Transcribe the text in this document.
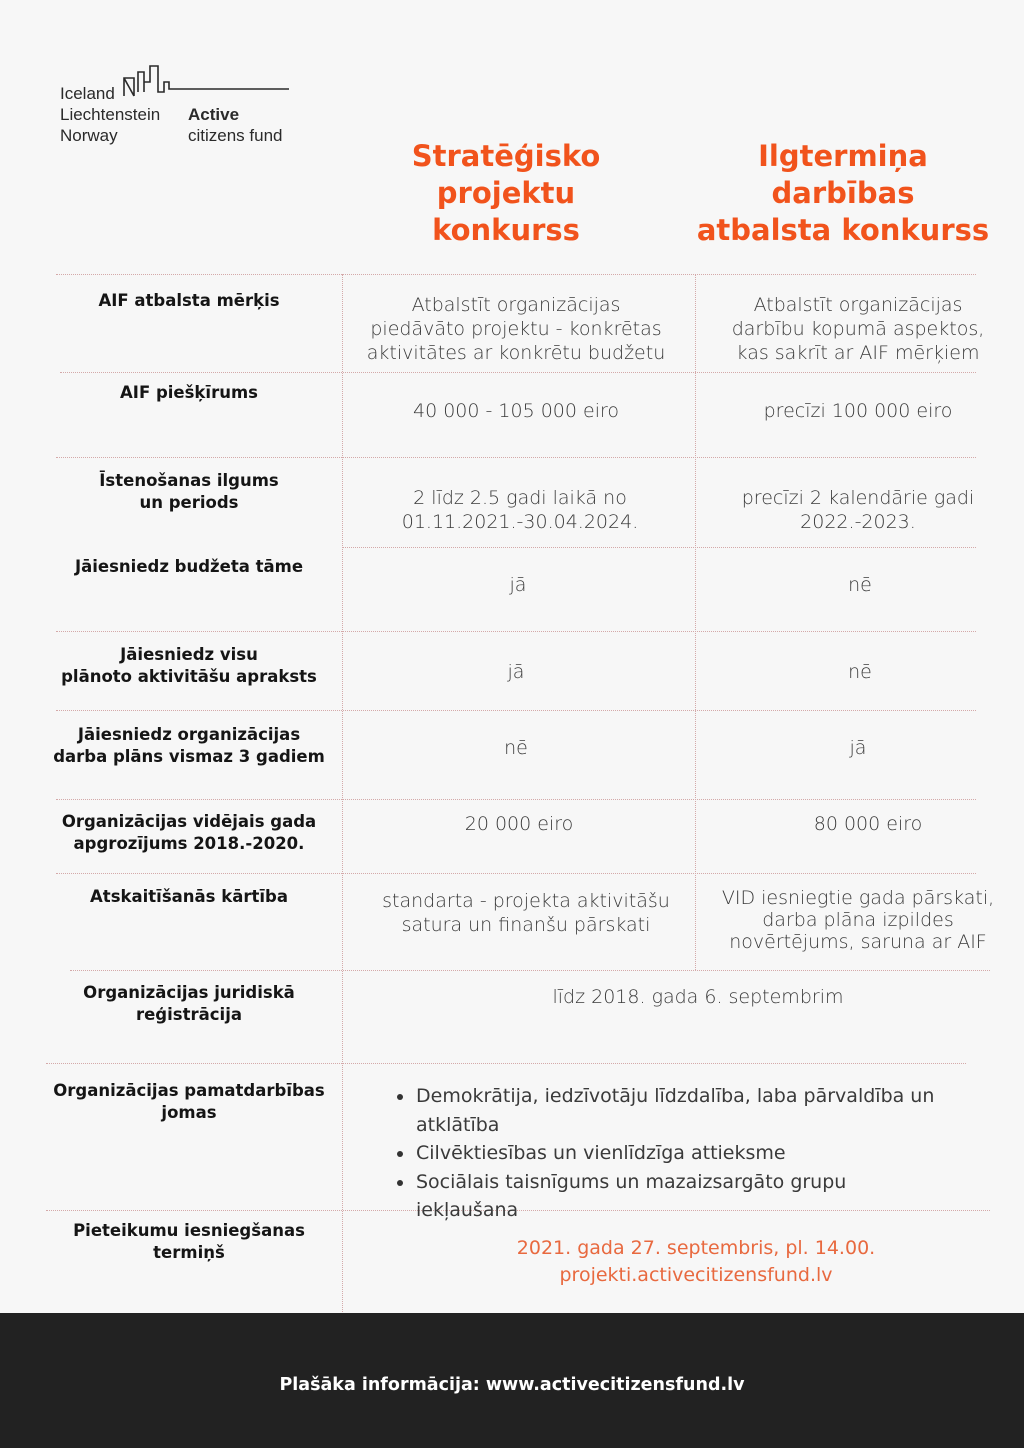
Iceland
Liechtenstein
Norway
Active
citizens fund
Stratēģisko
projektu
konkurss
Ilgtermiņa
darbības
atbalsta konkurss
AIF atbalsta mērķis
AIF piešķīrums
Īstenošanas ilgums
un periods
Jāiesniedz budžeta tāme
Jāiesniedz visu
plānoto aktivitāšu apraksts
Jāiesniedz organizācijas
darba plāns vismaz 3 gadiem
Organizācijas vidējais gada
apgrozījums 2018.-2020.
Atskaitīšanās kārtība
Organizācijas juridiskā
reģistrācija
Organizācijas pamatdarbības
jomas
Pieteikumu iesniegšanas
termiņš
Atbalstīt organizācijas
piedāvāto projektu - konkrētas
aktivitātes ar konkrētu budžetu
40 000 - 105 000 eiro
2 līdz 2.5 gadi laikā no
01.11.2021.-30.04.2024.
jā
jā
nē
20 000 eiro
standarta - projekta aktivitāšu
satura un finanšu pārskati
Atbalstīt organizācijas
darbību kopumā aspektos,
kas sakrīt ar AIF mērķiem
precīzi 100 000 eiro
precīzi 2 kalendārie gadi
2022.-2023.
nē
nē
jā
80 000 eiro
VID iesniegtie gada pārskati,
darba plāna izpildes
novērtējums, saruna ar AIF
līdz 2018. gada 6. septembrim
Demokrātija, iedzīvotāju līdzdalība, laba pārvaldība un atklātība
Cilvēktiesības un vienlīdzīga attieksme
Sociālais taisnīgums un mazaizsargāto grupu iekļaušana
2021. gada 27. septembris, pl. 14.00.
projekti.activecitizensfund.lv
Plašāka informācija: www.activecitizensfund.lv
